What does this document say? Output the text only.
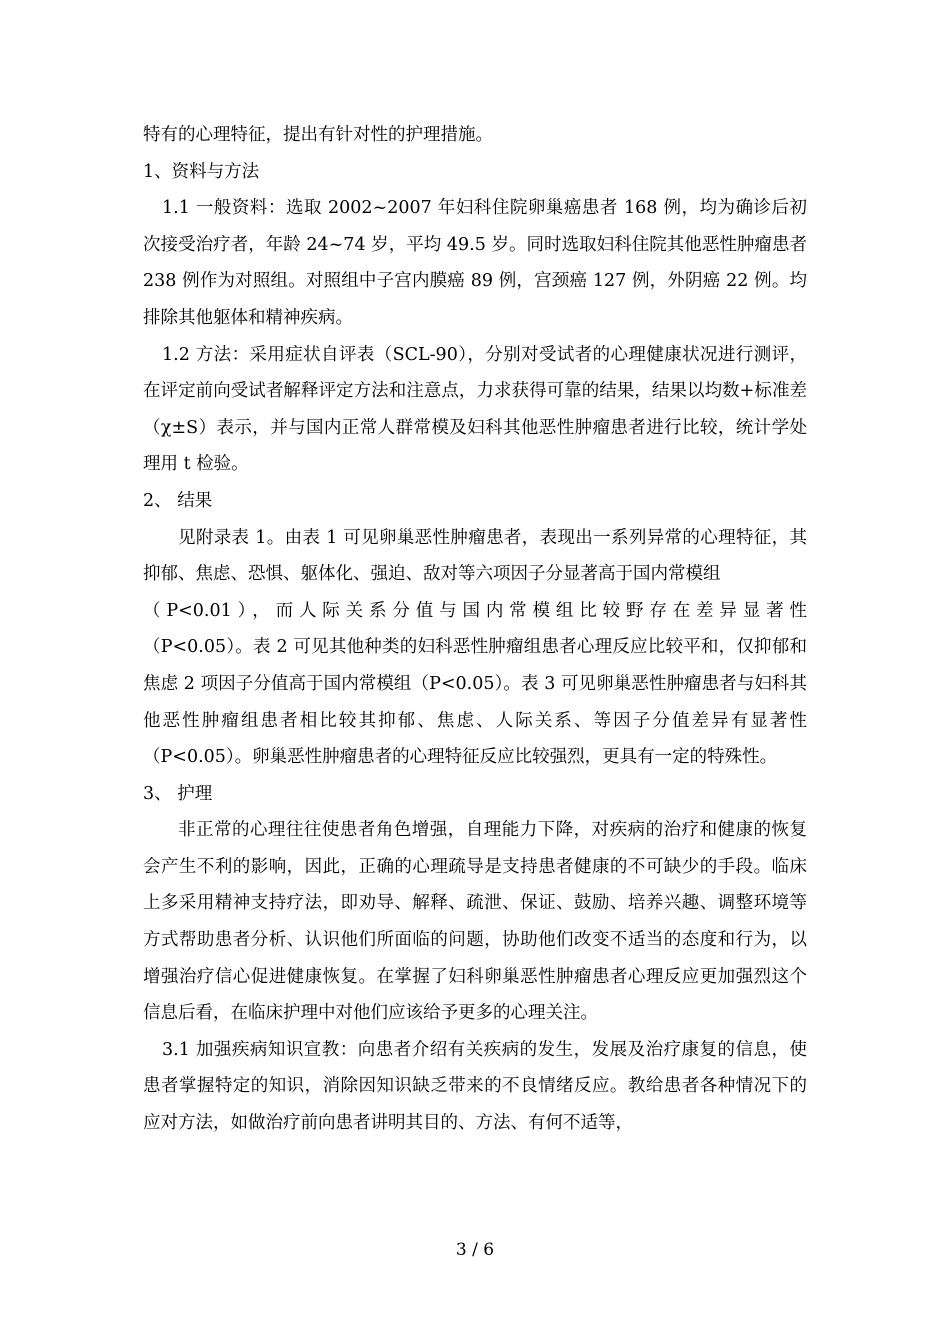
特有的心理特征，提出有针对性的护理措施。

1、资料与方法

1.1 一般资料：选取 2002~2007 年妇科住院卵巢癌患者 168 例，均为确诊后初次接受治疗者，年龄 24~74 岁，平均 49.5 岁。同时选取妇科住院其他恶性肿瘤患者 238 例作为对照组。对照组中子宫内膜癌 89 例，宫颈癌 127 例，外阴癌 22 例。均排除其他躯体和精神疾病。

1.2 方法：采用症状自评表（SCL-90），分别对受试者的心理健康状况进行测评，在评定前向受试者解释评定方法和注意点，力求获得可靠的结果，结果以均数+标准差（χ±S）表示，并与国内正常人群常模及妇科其他恶性肿瘤患者进行比较，统计学处理用 t 检验。

2、 结果

见附录表 1。由表 1 可见卵巢恶性肿瘤患者，表现出一系列异常的心理特征，其抑郁、焦虑、恐惧、躯体化、强迫、敌对等六项因子分显著高于国内常模组

（P<0.01），而人际关系分值与国内常模组比较野存在差异显著性

（P<0.05）。表 2 可见其他种类的妇科恶性肿瘤组患者心理反应比较平和，仅抑郁和焦虑 2 项因子分值高于国内常模组（P<0.05）。表 3 可见卵巢恶性肿瘤患者与妇科其他恶性肿瘤组患者相比较其抑郁、焦虑、人际关系、等因子分值差异有显著性（P<0.05）。卵巢恶性肿瘤患者的心理特征反应比较强烈，更具有一定的特殊性。

3、 护理

非正常的心理往往使患者角色增强，自理能力下降，对疾病的治疗和健康的恢复会产生不利的影响，因此，正确的心理疏导是支持患者健康的不可缺少的手段。临床上多采用精神支持疗法，即劝导、解释、疏泄、保证、鼓励、培养兴趣、调整环境等方式帮助患者分析、认识他们所面临的问题，协助他们改变不适当的态度和行为，以增强治疗信心促进健康恢复。在掌握了妇科卵巢恶性肿瘤患者心理反应更加强烈这个信息后看，在临床护理中对他们应该给予更多的心理关注。

3.1 加强疾病知识宣教：向患者介绍有关疾病的发生，发展及治疗康复的信息，使患者掌握特定的知识，消除因知识缺乏带来的不良情绪反应。教给患者各种情况下的应对方法，如做治疗前向患者讲明其目的、方法、有何不适等，

3 / 6
